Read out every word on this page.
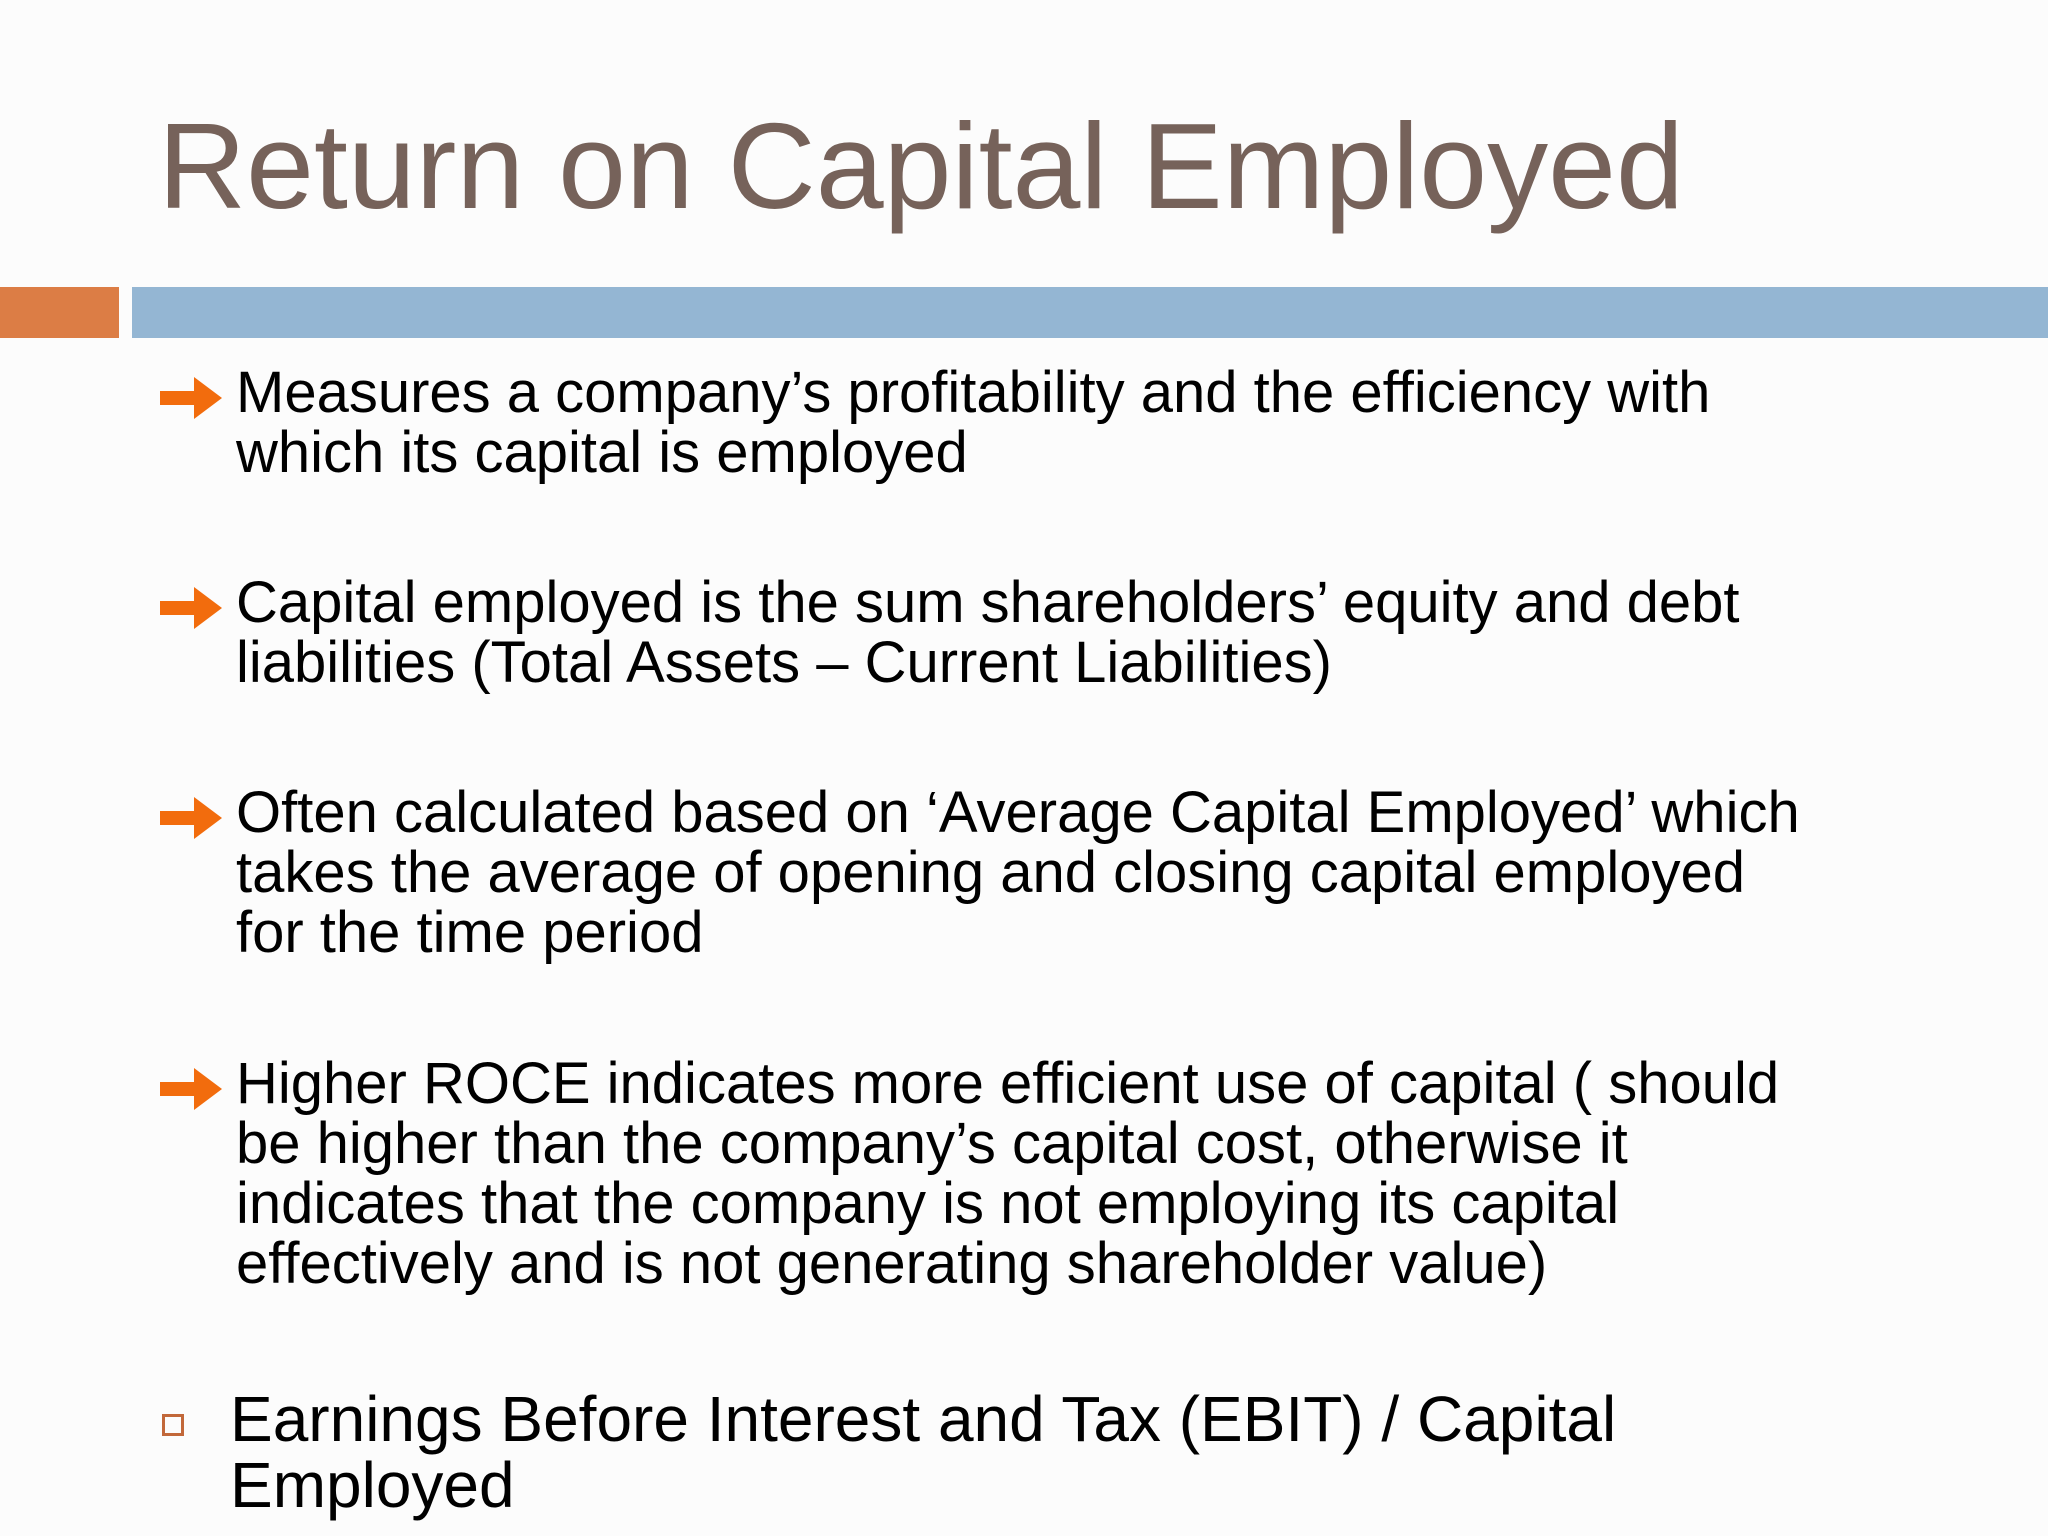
Return on Capital Employed
Measures a company’s profitability and the efficiency with
which its capital is employed
Capital employed is the sum shareholders’ equity and debt
liabilities (Total Assets – Current Liabilities)
Often calculated based on ‘Average Capital Employed’ which
takes the average of opening and closing capital employed
for the time period
Higher ROCE indicates more efficient use of capital ( should
be higher than the company’s capital cost, otherwise it
indicates that the company is not employing its capital
effectively and is not generating shareholder value)
Earnings Before Interest and Tax (EBIT) / Capital
Employed
